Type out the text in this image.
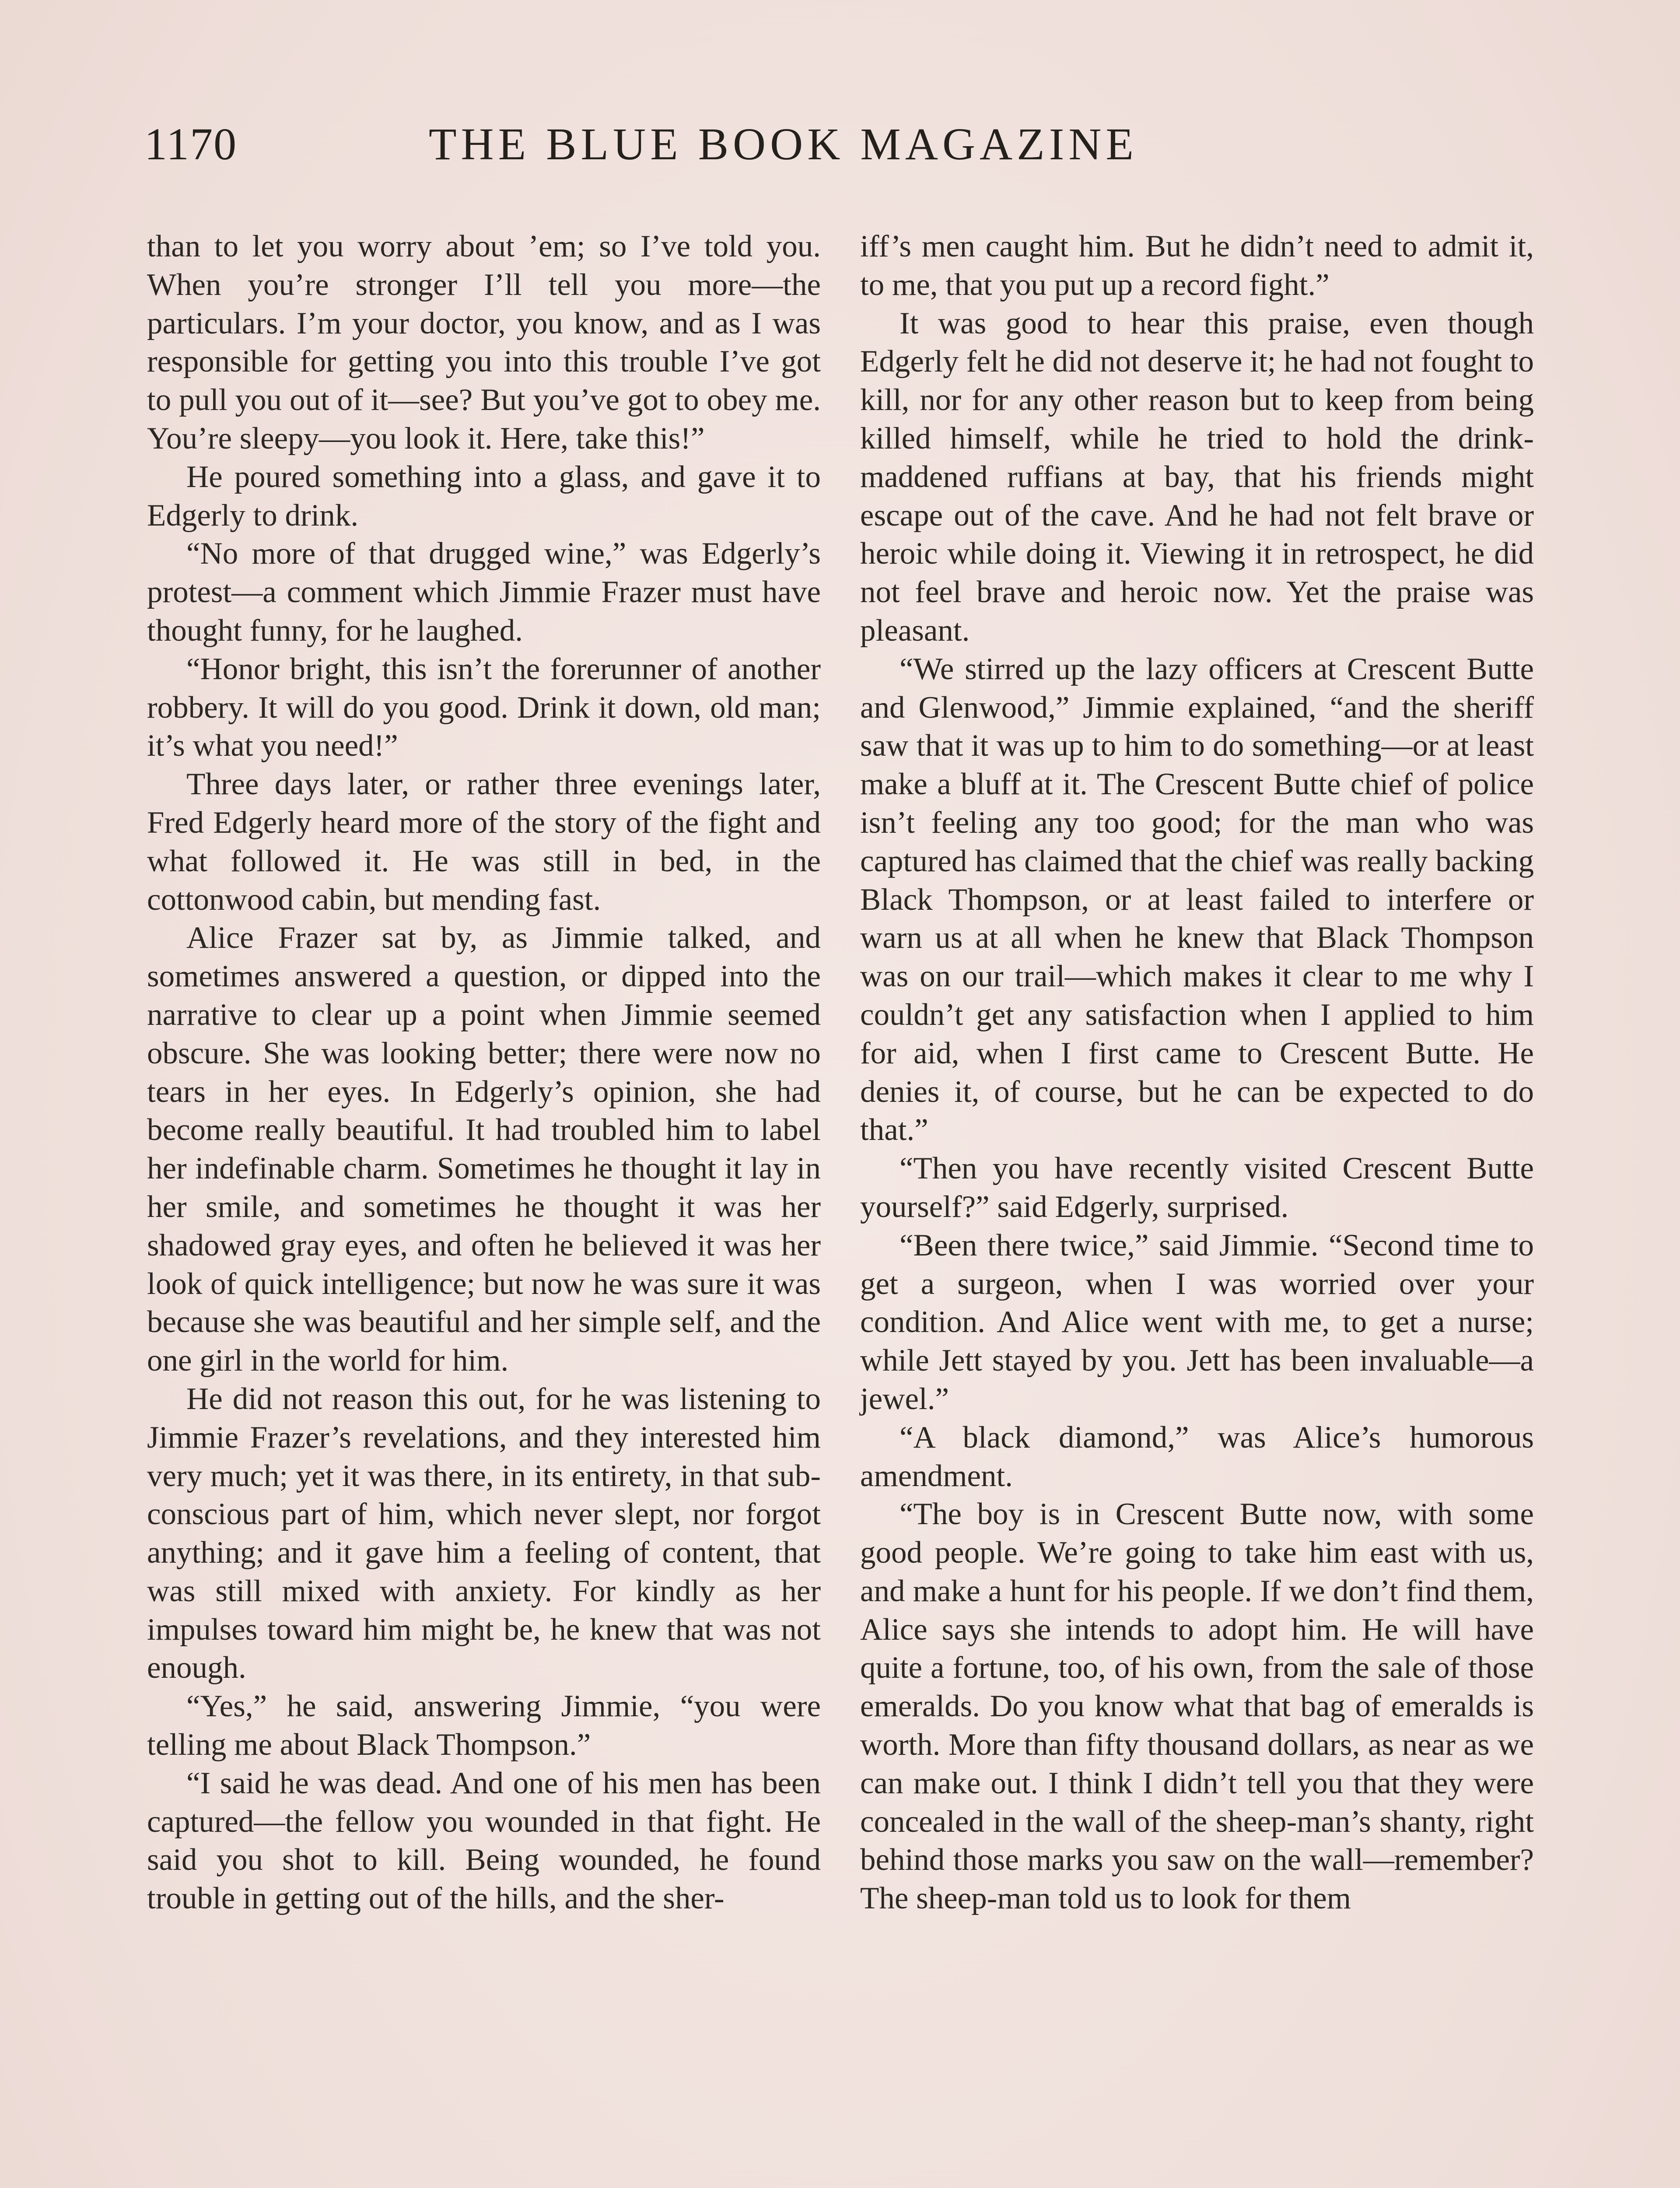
1170	THE BLUE BOOK MAGAZINE

than to let you worry about ’em; so I’ve told you. When you’re stronger I’ll tell you more—the particulars. I’m your doctor, you know, and as I was responsible for getting you into this trouble I’ve got to pull you out of it—see? But you’ve got to obey me. You’re sleepy—you look it. Here, take this!”

He poured something into a glass, and gave it to Edgerly to drink.

“No more of that drugged wine,” was Edgerly’s protest—a comment which Jimmie Frazer must have thought funny, for he laughed.

“Honor bright, this isn’t the forerunner of another robbery. It will do you good. Drink it down, old man; it’s what you need!”

Three days later, or rather three evenings later, Fred Edgerly heard more of the story of the fight and what followed it. He was still in bed, in the cottonwood cabin, but mending fast.

Alice Frazer sat by, as Jimmie talked, and sometimes answered a question, or dipped into the narrative to clear up a point when Jimmie seemed obscure. She was looking better; there were now no tears in her eyes. In Edgerly’s opinion, she had become really beautiful. It had troubled him to label her indefinable charm. Sometimes he thought it lay in her smile, and sometimes he thought it was her shadowed gray eyes, and often he believed it was her look of quick intelligence; but now he was sure it was because she was beautiful and her simple self, and the one girl in the world for him.

He did not reason this out, for he was listening to Jimmie Frazer’s revelations, and they interested him very much; yet it was there, in its entirety, in that sub-conscious part of him, which never slept, nor forgot anything; and it gave him a feeling of content, that was still mixed with anxiety. For kindly as her impulses toward him might be, he knew that was not enough.

“Yes,” he said, answering Jimmie, “you were telling me about Black Thompson.”

“I said he was dead. And one of his men has been captured—the fellow you wounded in that fight. He said you shot to kill. Being wounded, he found trouble in getting out of the hills, and the sher-

iff’s men caught him. But he didn’t need to admit it, to me, that you put up a record fight.”

It was good to hear this praise, even though Edgerly felt he did not deserve it; he had not fought to kill, nor for any other reason but to keep from being killed himself, while he tried to hold the drink-maddened ruffians at bay, that his friends might escape out of the cave. And he had not felt brave or heroic while doing it. Viewing it in retrospect, he did not feel brave and heroic now. Yet the praise was pleasant.

“We stirred up the lazy officers at Crescent Butte and Glenwood,” Jimmie explained, “and the sheriff saw that it was up to him to do something—or at least make a bluff at it. The Crescent Butte chief of police isn’t feeling any too good; for the man who was captured has claimed that the chief was really backing Black Thompson, or at least failed to interfere or warn us at all when he knew that Black Thompson was on our trail—which makes it clear to me why I couldn’t get any satisfaction when I applied to him for aid, when I first came to Crescent Butte. He denies it, of course, but he can be expected to do that.”

“Then you have recently visited Crescent Butte yourself?” said Edgerly, surprised.

“Been there twice,” said Jimmie. “Second time to get a surgeon, when I was worried over your condition. And Alice went with me, to get a nurse; while Jett stayed by you. Jett has been invaluable—a jewel.”

“A black diamond,” was Alice’s humorous amendment.

“The boy is in Crescent Butte now, with some good people. We’re going to take him east with us, and make a hunt for his people. If we don’t find them, Alice says she intends to adopt him. He will have quite a fortune, too, of his own, from the sale of those emeralds. Do you know what that bag of emeralds is worth. More than fifty thousand dollars, as near as we can make out. I think I didn’t tell you that they were concealed in the wall of the sheep-man’s shanty, right behind those marks you saw on the wall—remember? The sheep-man told us to look for them
